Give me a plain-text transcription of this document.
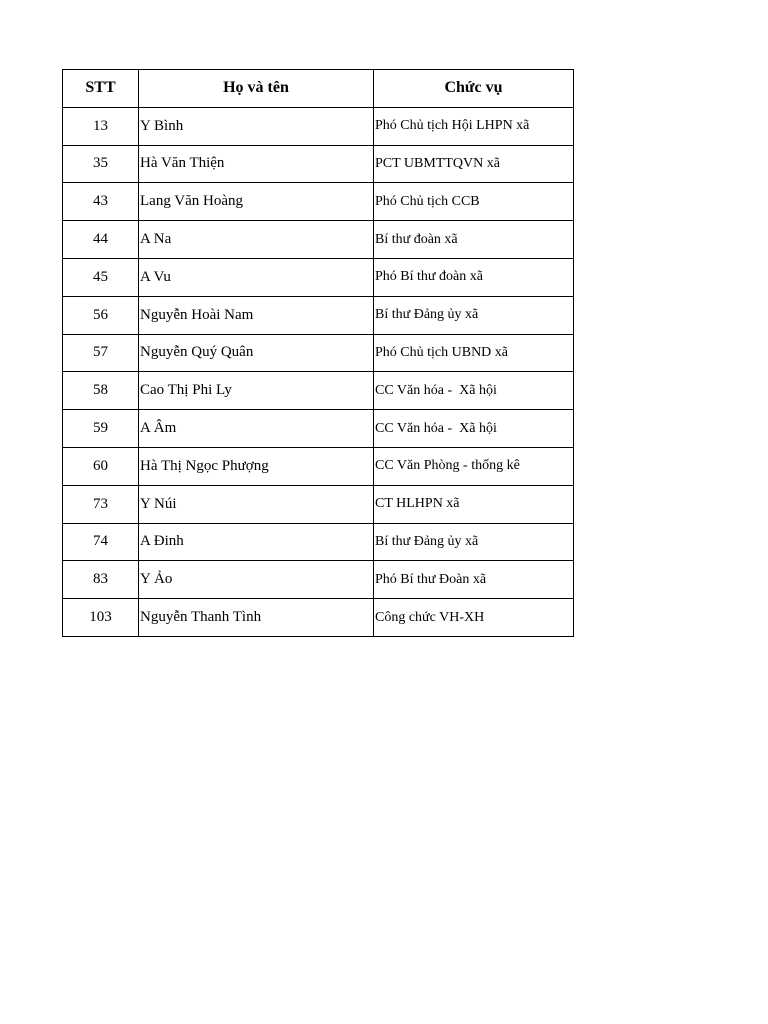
STT	Họ và tên	Chức vụ
13	Y Bình	Phó Chủ tịch Hội LHPN xã
35	Hà Văn Thiện	PCT UBMTTQVN xã
43	Lang Văn Hoàng	Phó Chủ tịch CCB
44	A Na	Bí thư đoàn xã
45	A Vu	Phó Bí thư đoàn xã
56	Nguyễn Hoài Nam	Bí thư Đảng ủy xã
57	Nguyễn Quý Quân	Phó Chủ tịch UBND xã
58	Cao Thị Phi Ly	CC Văn hóa -  Xã hội
59	A Âm	CC Văn hóa -  Xã hội
60	Hà Thị Ngọc Phượng	CC Văn Phòng - thống kê
73	Y Núi	CT HLHPN xã
74	A Đinh	Bí thư Đảng ủy xã
83	Y Ảo	Phó Bí thư Đoàn xã
103	Nguyễn Thanh Tình	Công chức VH-XH
